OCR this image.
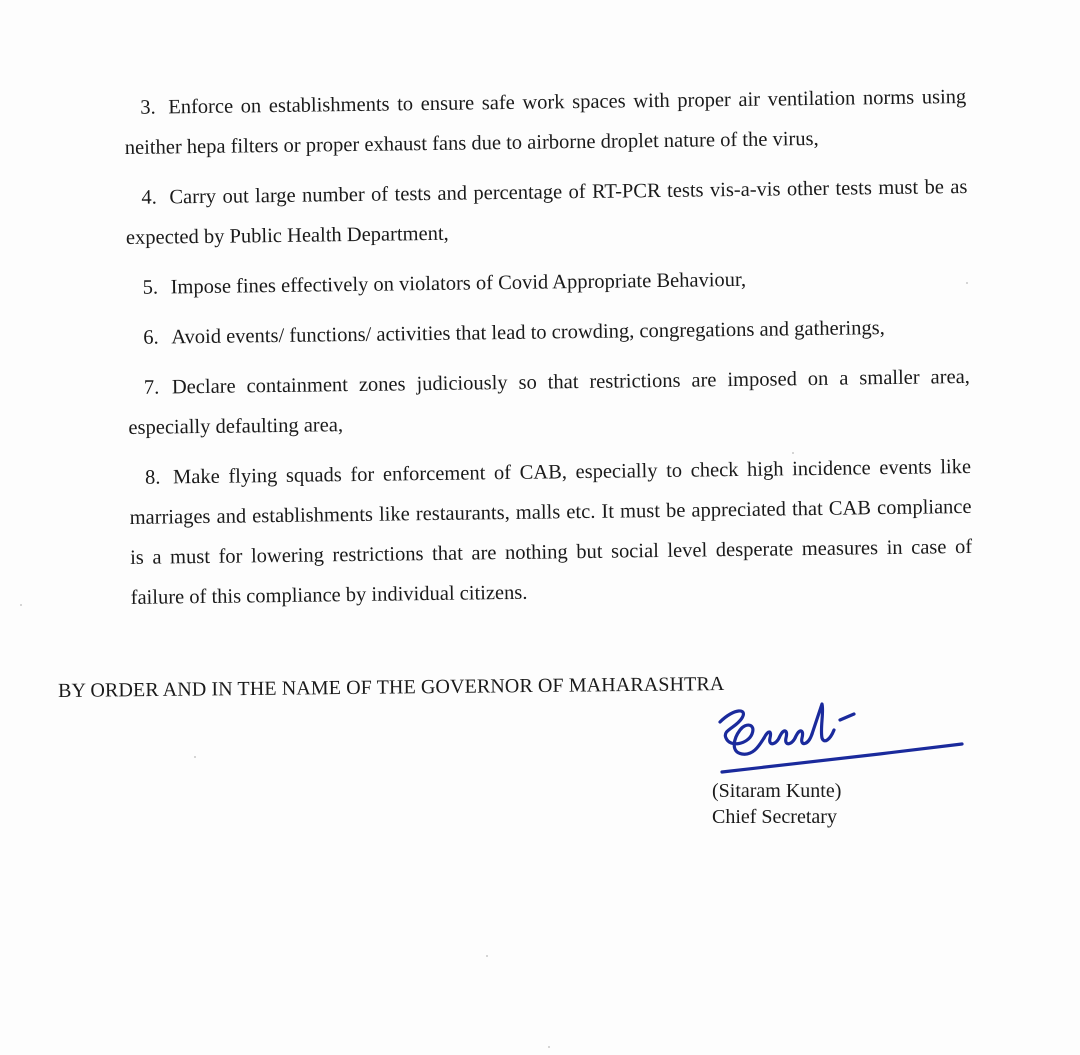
3. Enforce on establishments to ensure safe work spaces with proper air ventilation norms using neither hepa filters or proper exhaust fans due to airborne droplet nature of the virus,

4. Carry out large number of tests and percentage of RT-PCR tests vis-a-vis other tests must be as expected by Public Health Department,

5. Impose fines effectively on violators of Covid Appropriate Behaviour,

6. Avoid events/ functions/ activities that lead to crowding, congregations and gatherings,

7. Declare containment zones judiciously so that restrictions are imposed on a smaller area, especially defaulting area,

8. Make flying squads for enforcement of CAB, especially to check high incidence events like marriages and establishments like restaurants, malls etc. It must be appreciated that CAB compliance is a must for lowering restrictions that are nothing but social level desperate measures in case of failure of this compliance by individual citizens.

BY ORDER AND IN THE NAME OF THE GOVERNOR OF MAHARASHTRA
(Sitaram Kunte)
Chief Secretary
